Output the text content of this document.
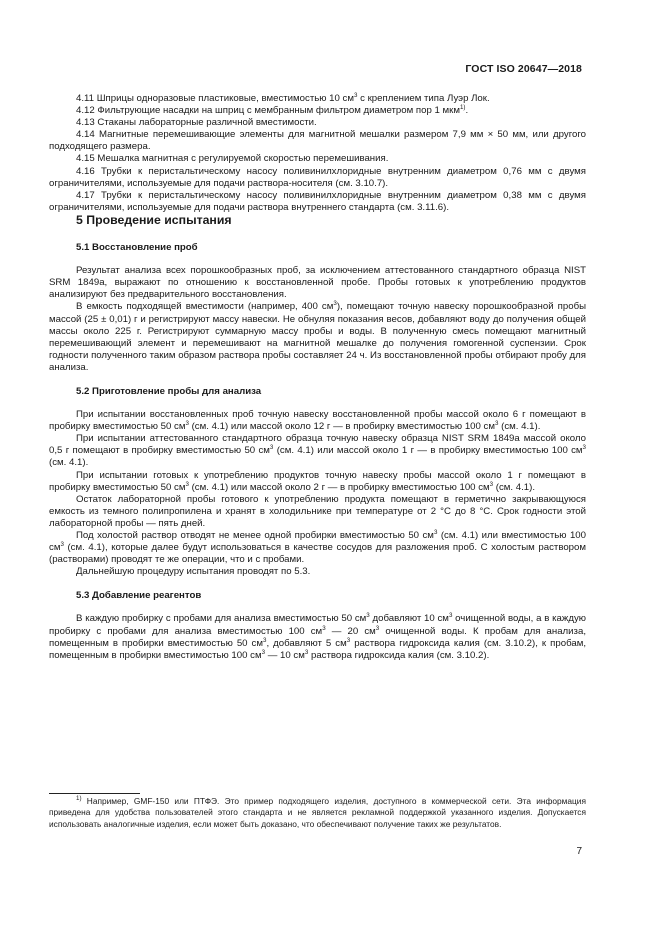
ГОСТ ISO 20647—2018

4.11 Шприцы одноразовые пластиковые, вместимостью 10 $см^3$ с креплением типа Луэр Лок.

4.12 Фильтрующие насадки на шприц с мембранным фильтром диаметром пор 1 мкм$^{1)}$.

4.13 Стаканы лабораторные различной вместимости.

4.14 Магнитные перемешивающие элементы для магнитной мешалки размером 7,9 мм × 50 мм, или другого подходящего размера.

4.15 Мешалка магнитная с регулируемой скоростью перемешивания.

4.16 Трубки к перистальтическому насосу поливинилхлоридные внутренним диаметром 0,76 мм с двумя ограничителями, используемые для подачи раствора-носителя (см. 3.10.7).

4.17 Трубки к перистальтическому насосу поливинилхлоридные внутренним диаметром 0,38 мм с двумя ограничителями, используемые для подачи раствора внутреннего стандарта (см. 3.11.6).

5 Проведение испытания

5.1 Восстановление проб

Результат анализа всех порошкообразных проб, за исключением аттестованного стандартного образца NIST SRM 1849a, выражают по отношению к восстановленной пробе. Пробы готовых к употреблению продуктов анализируют без предварительного восстановления.

В емкость подходящей вместимости (например, 400 $см^3$), помещают точную навеску порошкообразной пробы массой (25 ± 0,01) г и регистрируют массу навески. Не обнуляя показания весов, добавляют воду до получения общей массы около 225 г. Регистрируют суммарную массу пробы и воды. В полученную смесь помещают магнитный перемешивающий элемент и перемешивают на магнитной мешалке до получения гомогенной суспензии. Срок годности полученного таким образом раствора пробы составляет 24 ч. Из восстановленной пробы отбирают пробу для анализа.

5.2 Приготовление пробы для анализа

При испытании восстановленных проб точную навеску восстановленной пробы массой около 6 г помещают в пробирку вместимостью 50 $см^3$ (см. 4.1) или массой около 12 г — в пробирку вместимостью 100 $см^3$ (см. 4.1).

При испытании аттестованного стандартного образца точную навеску образца NIST SRM 1849a массой около 0,5 г помещают в пробирку вместимостью 50 $см^3$ (см. 4.1) или массой около 1 г — в пробирку вместимостью 100 $см^3$ (см. 4.1).

При испытании готовых к употреблению продуктов точную навеску пробы массой около 1 г помещают в пробирку вместимостью 50 $см^3$ (см. 4.1) или массой около 2 г — в пробирку вместимостью 100 $см^3$ (см. 4.1).

Остаток лабораторной пробы готового к употреблению продукта помещают в герметично закрывающуюся емкость из темного полипропилена и хранят в холодильнике при температуре от 2 °C до 8 °C. Срок годности этой лабораторной пробы — пять дней.

Под холостой раствор отводят не менее одной пробирки вместимостью 50 $см^3$ (см. 4.1) или вместимостью 100 $см^3$ (см. 4.1), которые далее будут использоваться в качестве сосудов для разложения проб. С холостым раствором (растворами) проводят те же операции, что и с пробами.

Дальнейшую процедуру испытания проводят по 5.3.

5.3 Добавление реагентов

В каждую пробирку с пробами для анализа вместимостью 50 $см^3$ добавляют 10 $см^3$ очищенной воды, а в каждую пробирку с пробами для анализа вместимостью 100 $см^3$ — 20 $см^3$ очищенной воды. К пробам для анализа, помещенным в пробирки вместимостью 50 $см^3$, добавляют 5 $см^3$ раствора гидроксида калия (см. 3.10.2), к пробам, помещенным в пробирки вместимостью 100 $см^3$ — 10 $см^3$ раствора гидроксида калия (см. 3.10.2).

$^{1)}$ Например, GMF-150 или ПТФЭ. Это пример подходящего изделия, доступного в коммерческой сети. Эта информация приведена для удобства пользователей этого стандарта и не является рекламной поддержкой указанного изделия. Допускается использовать аналогичные изделия, если может быть доказано, что обеспечивают получение таких же результатов.

7
